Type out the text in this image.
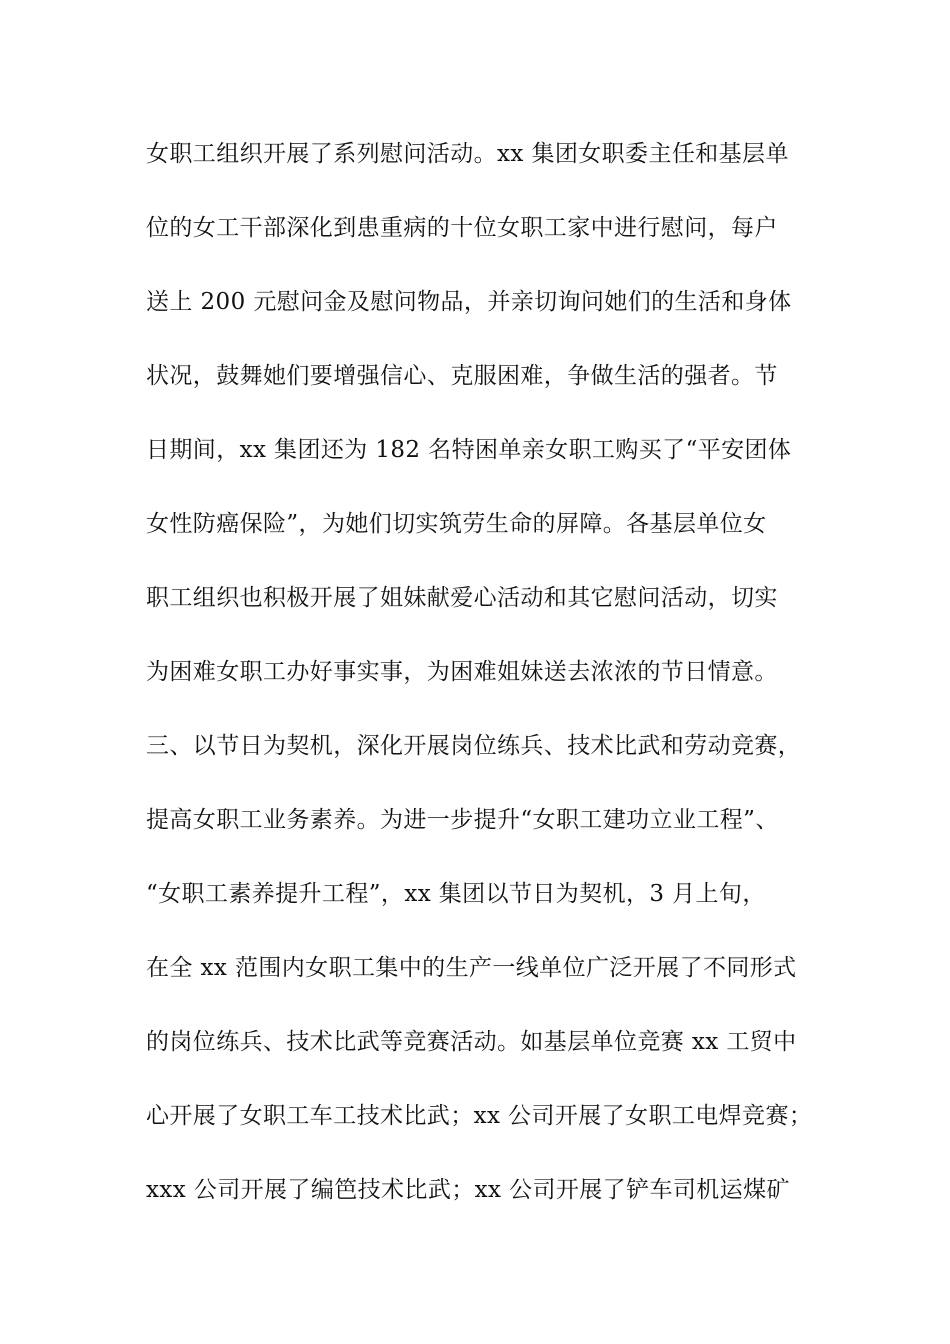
女职工组织开展了系列慰问活动。xx 集团女职委主任和基层单
位的女工干部深化到患重病的十位女职工家中进行慰问，每户
送上 200 元慰问金及慰问物品，并亲切询问她们的生活和身体
状况，鼓舞她们要增强信心、克服困难，争做生活的强者。节
日期间，xx 集团还为 182 名特困单亲女职工购买了“平安团体
女性防癌保险”，为她们切实筑劳生命的屏障。各基层单位女
职工组织也积极开展了姐妹献爱心活动和其它慰问活动，切实
为困难女职工办好事实事，为困难姐妹送去浓浓的节日情意。
三、以节日为契机，深化开展岗位练兵、技术比武和劳动竞赛，
提高女职工业务素养。为进一步提升“女职工建功立业工程”、
“女职工素养提升工程”，xx 集团以节日为契机，3 月上旬，
在全 xx 范围内女职工集中的生产一线单位广泛开展了不同形式
的岗位练兵、技术比武等竞赛活动。如基层单位竞赛 xx 工贸中
心开展了女职工车工技术比武；xx 公司开展了女职工电焊竞赛；
xxx 公司开展了编笆技术比武；xx 公司开展了铲车司机运煤矿
